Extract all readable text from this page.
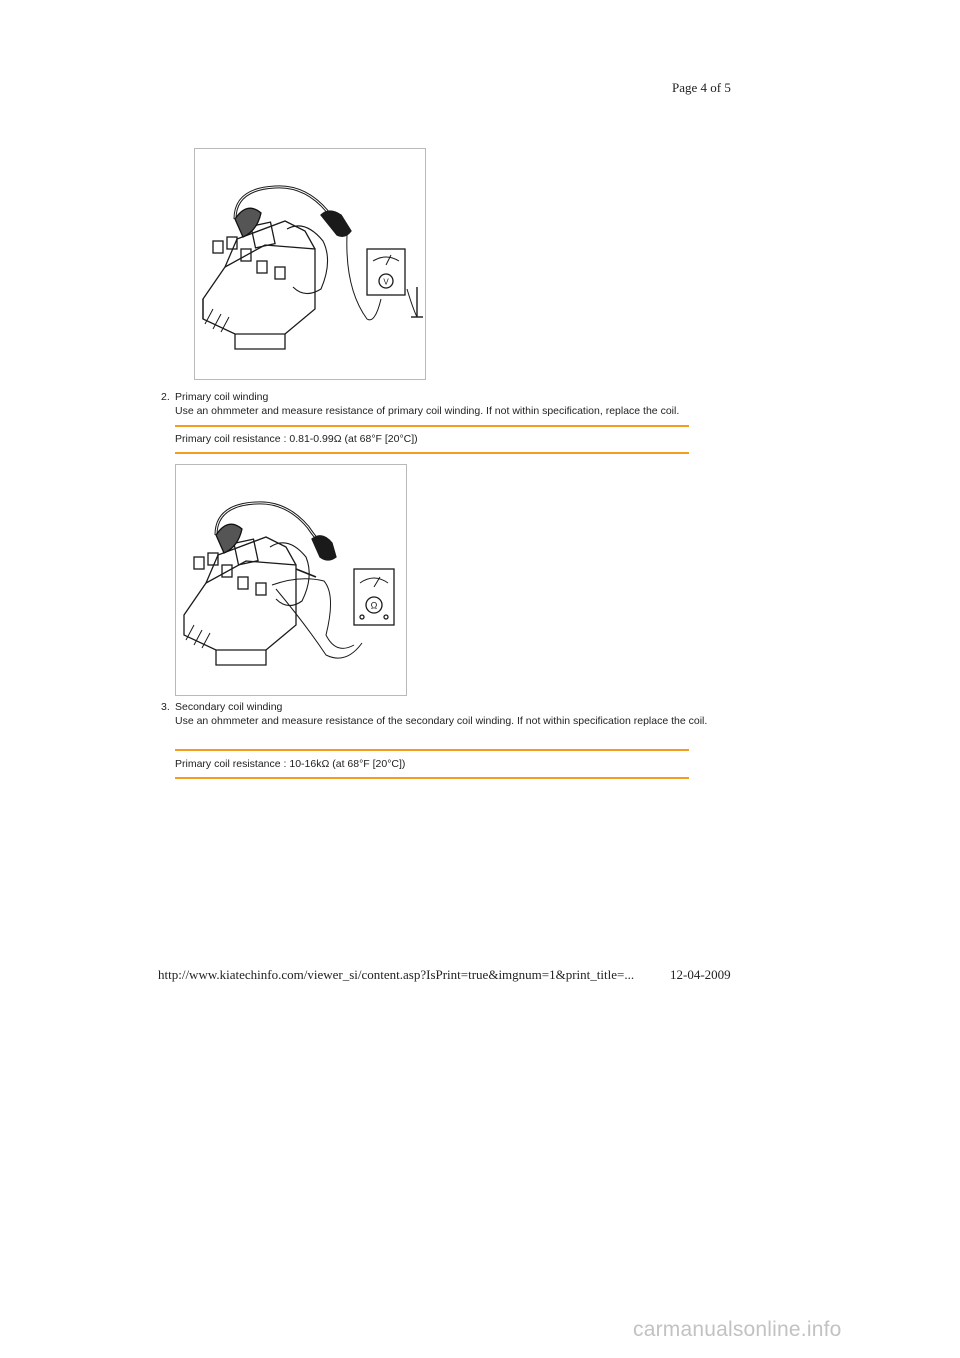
Page 4 of 5
V
2. Primary coil winding
Use an ohmmeter and measure resistance of primary coil winding. If not within specification, replace the coil.
Primary coil resistance : 0.81-0.99Ω (at 68°F [20°C])
Ω
3. Secondary coil winding
Use an ohmmeter and measure resistance of the secondary coil winding. If not within specification replace the coil.
Primary coil resistance : 10-16kΩ (at 68°F [20°C])
http://www.kiatechinfo.com/viewer_si/content.asp?IsPrint=true&imgnum=1&print_title=...	12-04-2009
carmanualsonline.info
